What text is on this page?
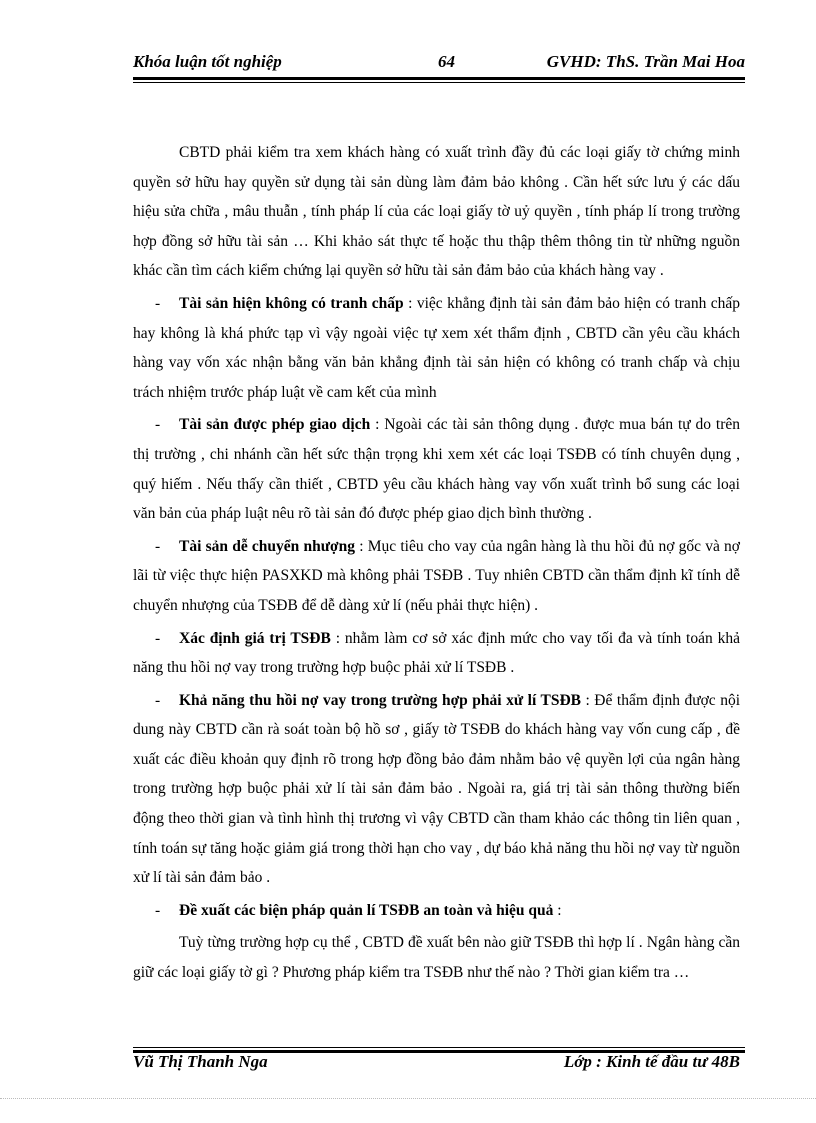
Khóa luận tốt nghiệp	64	GVHD: ThS. Trần Mai Hoa

CBTD phải kiểm tra xem khách hàng có xuất trình đầy đủ các loại giấy tờ chứng minh quyền sở hữu hay quyền sử dụng tài sản dùng làm đảm bảo không . Cần hết sức lưu ý các dấu hiệu sửa chữa , mâu thuẫn , tính pháp lí của các loại giấy tờ uỷ quyền , tính pháp lí trong trường hợp đồng sở hữu tài sản … Khi khảo sát thực tế hoặc thu thập thêm thông tin từ những nguồn khác cần tìm cách kiểm chứng lại quyền sở hữu tài sản đảm bảo của khách hàng vay .

- Tài sản hiện không có tranh chấp : việc khẳng định tài sản đảm bảo hiện có tranh chấp hay không là khá phức tạp vì vậy ngoài việc tự xem xét thẩm định , CBTD cần yêu cầu khách hàng vay vốn xác nhận bằng văn bản khẳng định tài sản hiện có không có tranh chấp và chịu trách nhiệm trước pháp luật về cam kết của mình

- Tài sản được phép giao dịch : Ngoài các tài sản thông dụng . được mua bán tự do trên thị trường , chi nhánh cần hết sức thận trọng khi xem xét các loại TSĐB có tính chuyên dụng , quý hiếm . Nếu thấy cần thiết , CBTD yêu cầu khách hàng vay vốn xuất trình bổ sung các loại văn bản của pháp luật nêu rõ tài sản đó được phép giao dịch bình thường .

- Tài sản dễ chuyển nhượng : Mục tiêu cho vay của ngân hàng là thu hồi đủ nợ gốc và nợ lãi từ việc thực hiện PASXKD mà không phải TSĐB . Tuy nhiên CBTD cần thẩm định kĩ tính dễ chuyển nhượng của TSĐB để dễ dàng xử lí (nếu phải thực hiện) .

- Xác định giá trị TSĐB : nhằm làm cơ sở xác định mức cho vay tối đa và tính toán khả năng thu hồi nợ vay trong trường hợp buộc phải xử lí TSĐB .

- Khả năng thu hồi nợ vay trong trường hợp phải xử lí TSĐB : Để thẩm định được nội dung này CBTD cần rà soát toàn bộ hồ sơ , giấy tờ TSĐB do khách hàng vay vốn cung cấp , đề xuất các điều khoản quy định rõ trong hợp đồng bảo đảm nhằm bảo vệ quyền lợi của ngân hàng trong trường hợp buộc phải xử lí tài sản đảm bảo . Ngoài ra, giá trị tài sản thông thường biến động theo thời gian và tình hình thị trương vì vậy CBTD cần tham khảo các thông tin liên quan , tính toán sự tăng hoặc giảm giá trong thời hạn cho vay , dự báo khả năng thu hồi nợ vay từ nguồn xử lí tài sản đảm bảo .

- Đề xuất các biện pháp quản lí TSĐB an toàn và hiệu quả :

Tuỳ từng trường hợp cụ thể , CBTD đề xuất bên nào giữ TSĐB thì hợp lí . Ngân hàng cần giữ các loại giấy tờ gì ? Phương pháp kiểm tra TSĐB như thế nào ? Thời gian kiểm tra …

Vũ Thị Thanh Nga	Lớp : Kinh tế đầu tư 48B
